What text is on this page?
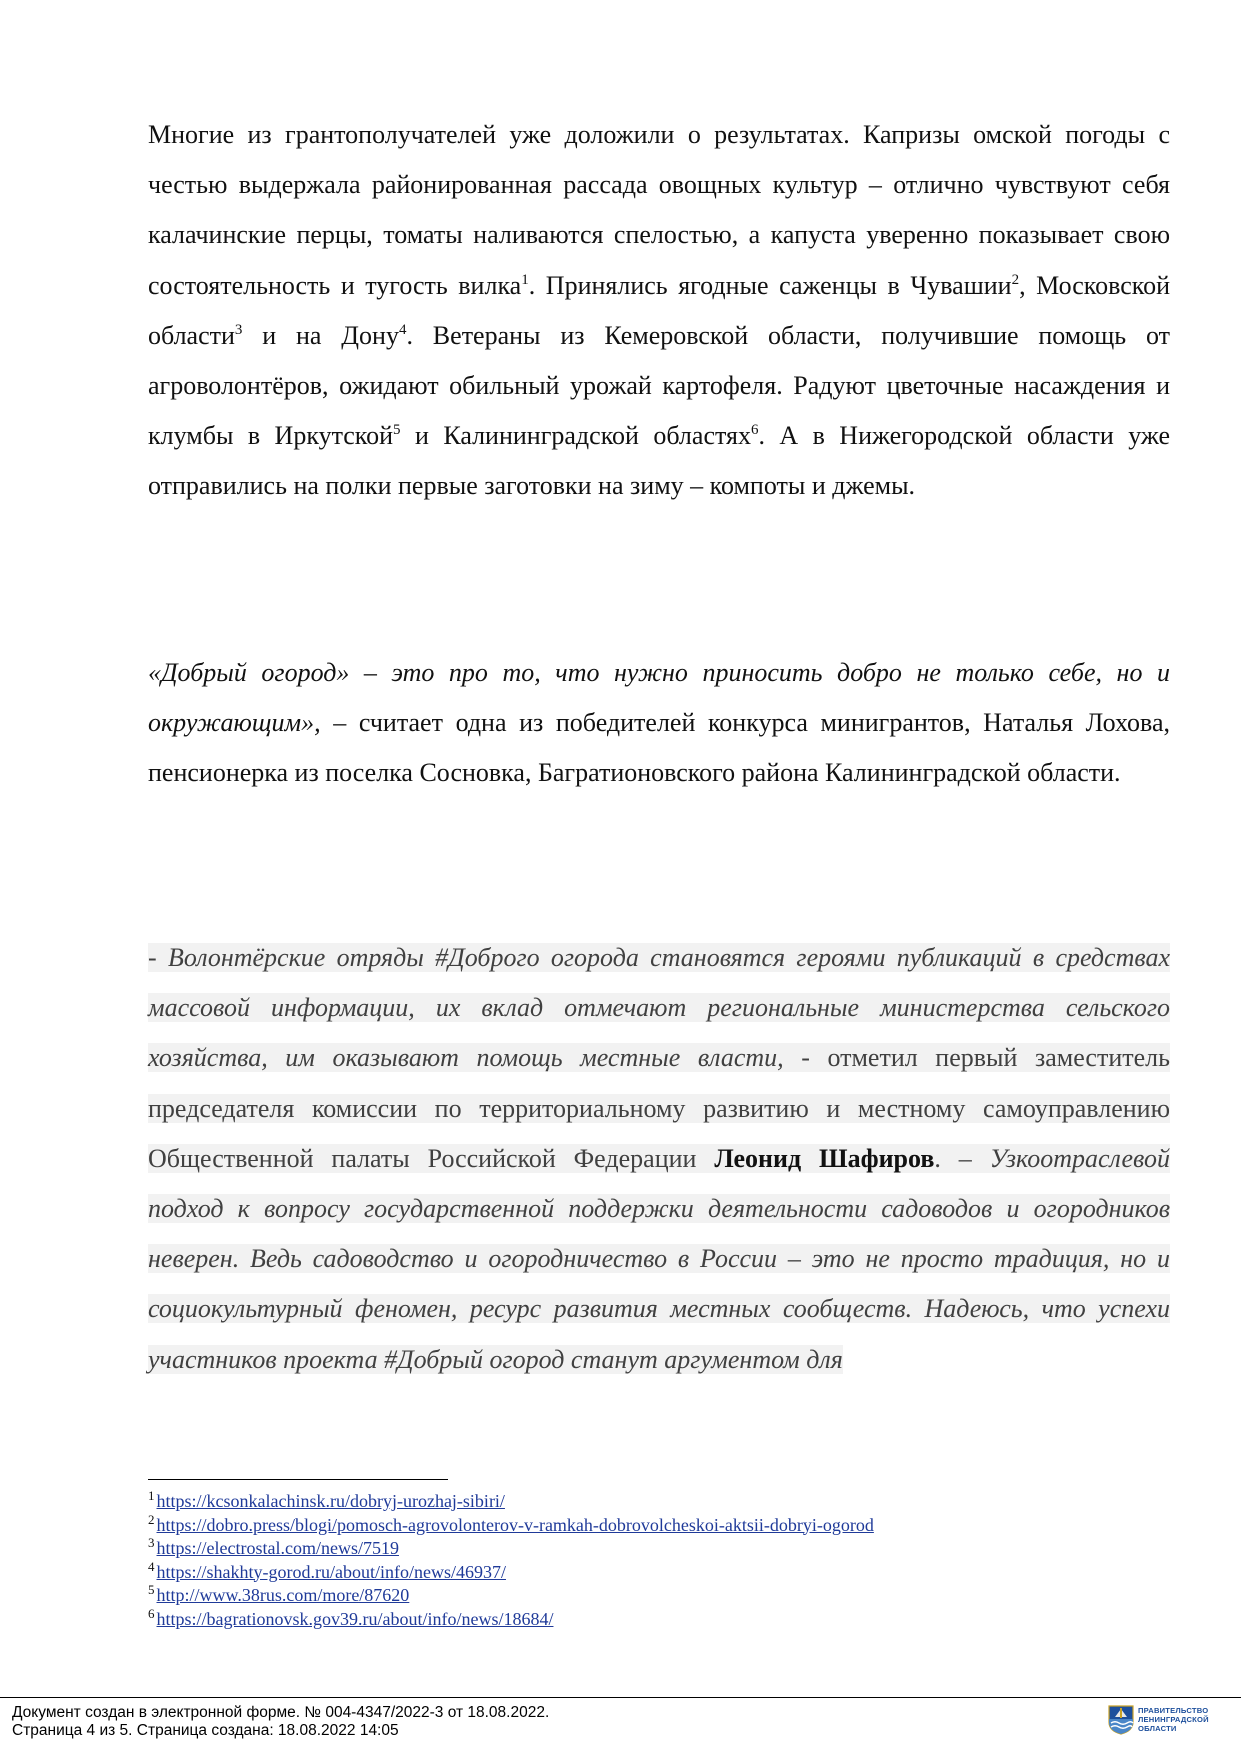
Многие из грантополучателей уже доложили о результатах. Капризы омской погоды с честью выдержала районированная рассада овощных культур – отлично чувствуют себя калачинские перцы, томаты наливаются спелостью, а капуста уверенно показывает свою состоятельность и тугость вилка$^1$. Принялись ягодные саженцы в Чувашии$^2$, Московской области$^3$ и на Дону$^4$. Ветераны из Кемеровской области, получившие помощь от агроволонтёров, ожидают обильный урожай картофеля. Радуют цветочные насаждения и клумбы в Иркутской$^5$ и Калининградской областях$^6$. А в Нижегородской области уже отправились на полки первые заготовки на зиму – компоты и джемы.

«Добрый огород» – это про то, что нужно приносить добро не только себе, но и окружающим», – считает одна из победителей конкурса минигрантов, Наталья Лохова, пенсионерка из поселка Сосновка, Багратионовского района Калининградской области.

- Волонтёрские отряды #Доброго огорода становятся героями публикаций в средствах массовой информации, их вклад отмечают региональные министерства сельского хозяйства, им оказывают помощь местные власти, - отметил первый заместитель председателя комиссии по территориальному развитию и местному самоуправлению Общественной палаты Российской Федерации Леонид Шафиров. – Узкоотраслевой подход к вопросу государственной поддержки деятельности садоводов и огородников неверен. Ведь садоводство и огородничество в России – это не просто традиция, но и социокультурный феномен, ресурс развития местных сообществ. Надеюсь, что успехи участников проекта #Добрый огород станут аргументом для

$^1$ https://kcsonkalachinsk.ru/dobryj-urozhaj-sibiri/
$^2$ https://dobro.press/blogi/pomosch-agrovolonterov-v-ramkah-dobrovolcheskoi-aktsii-dobryi-ogorod
$^3$ https://electrostal.com/news/7519
$^4$ https://shakhty-gorod.ru/about/info/news/46937/
$^5$ http://www.38rus.com/more/87620
$^6$ https://bagrationovsk.gov39.ru/about/info/news/18684/
Документ создан в электронной форме. № 004-4347/2022-3 от 18.08.2022.
Страница 4 из 5. Страница создана: 18.08.2022 14:05
ПРАВИТЕЛЬСТВО
ЛЕНИНГРАДСКОЙ
ОБЛАСТИ
